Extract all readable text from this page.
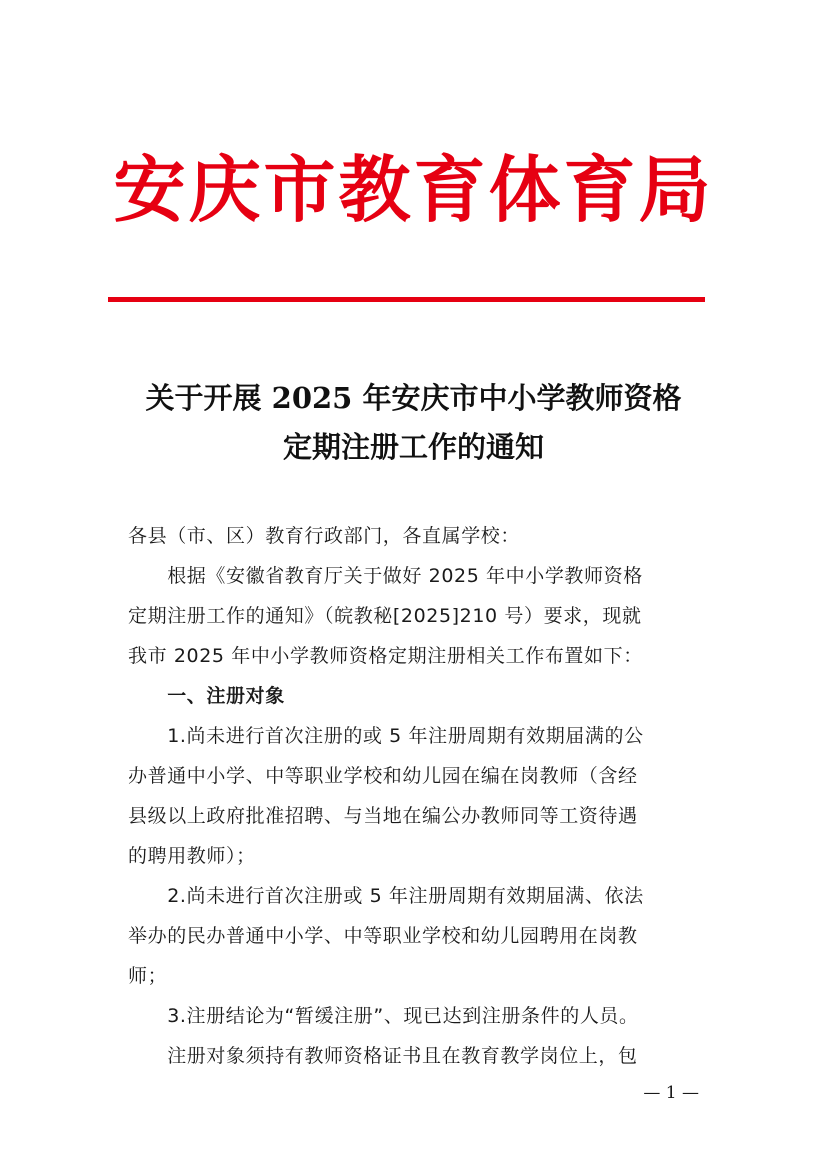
安庆市教育体育局
关于开展 2025 年安庆市中小学教师资格
定期注册工作的通知
各县（市、区）教育行政部门，各直属学校：
　　根据《安徽省教育厅关于做好 2025 年中小学教师资格
定期注册工作的通知》（皖教秘[2025]210 号）要求，现就
我市 2025 年中小学教师资格定期注册相关工作布置如下：
　　一、注册对象
　　1.尚未进行首次注册的或 5 年注册周期有效期届满的公
办普通中小学、中等职业学校和幼儿园在编在岗教师（含经
县级以上政府批准招聘、与当地在编公办教师同等工资待遇
的聘用教师）；
　　2.尚未进行首次注册或 5 年注册周期有效期届满、依法
举办的民办普通中小学、中等职业学校和幼儿园聘用在岗教
师；
　　3.注册结论为“暂缓注册”、现已达到注册条件的人员。
　　注册对象须持有教师资格证书且在教育教学岗位上，包
— 1 —
